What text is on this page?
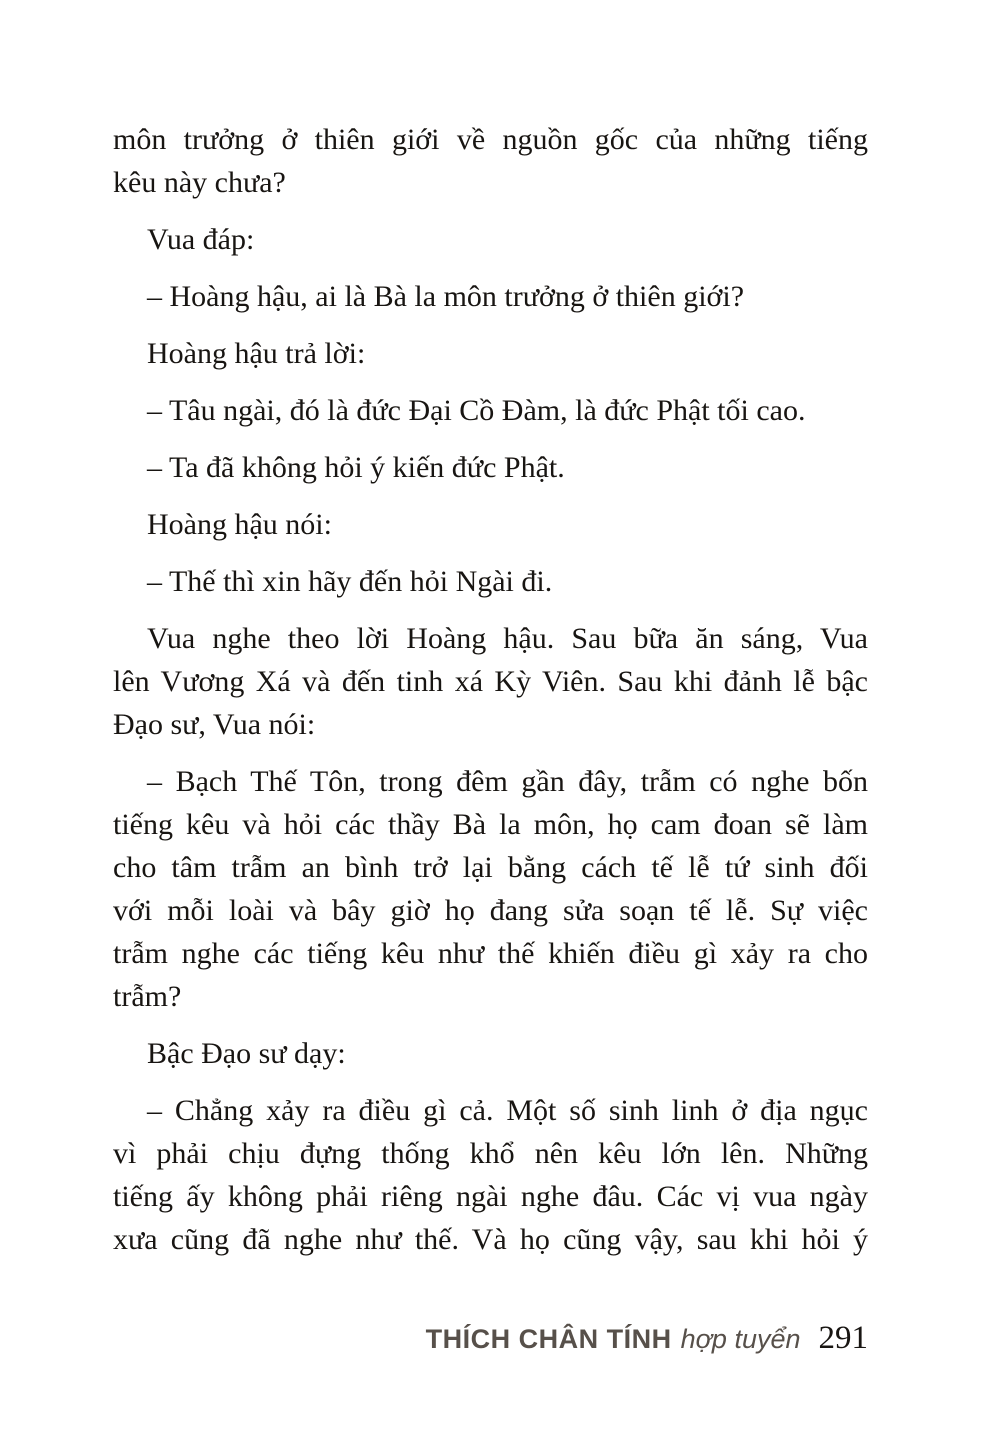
môn trưởng ở thiên giới về nguồn gốc của những tiếng
kêu này chưa?

Vua đáp:

– Hoàng hậu, ai là Bà la môn trưởng ở thiên giới?

Hoàng hậu trả lời:

– Tâu ngài, đó là đức Đại Cồ Đàm, là đức Phật tối cao.

– Ta đã không hỏi ý kiến đức Phật.

Hoàng hậu nói:

– Thế thì xin hãy đến hỏi Ngài đi.

Vua nghe theo lời Hoàng hậu. Sau bữa ăn sáng, Vua
lên Vương Xá và đến tinh xá Kỳ Viên. Sau khi đảnh lễ bậc
Đạo sư, Vua nói:

– Bạch Thế Tôn, trong đêm gần đây, trẫm có nghe bốn
tiếng kêu và hỏi các thầy Bà la môn, họ cam đoan sẽ làm
cho tâm trẫm an bình trở lại bằng cách tế lễ tứ sinh đối
với mỗi loài và bây giờ họ đang sửa soạn tế lễ. Sự việc
trẫm nghe các tiếng kêu như thế khiến điều gì xảy ra cho
trẫm?

Bậc Đạo sư dạy:

– Chẳng xảy ra điều gì cả. Một số sinh linh ở địa ngục
vì phải chịu đựng thống khổ nên kêu lớn lên. Những
tiếng ấy không phải riêng ngài nghe đâu. Các vị vua ngày
xưa cũng đã nghe như thế. Và họ cũng vậy, sau khi hỏi ý

THÍCH CHÂN TÍNH hợp tuyển 291
